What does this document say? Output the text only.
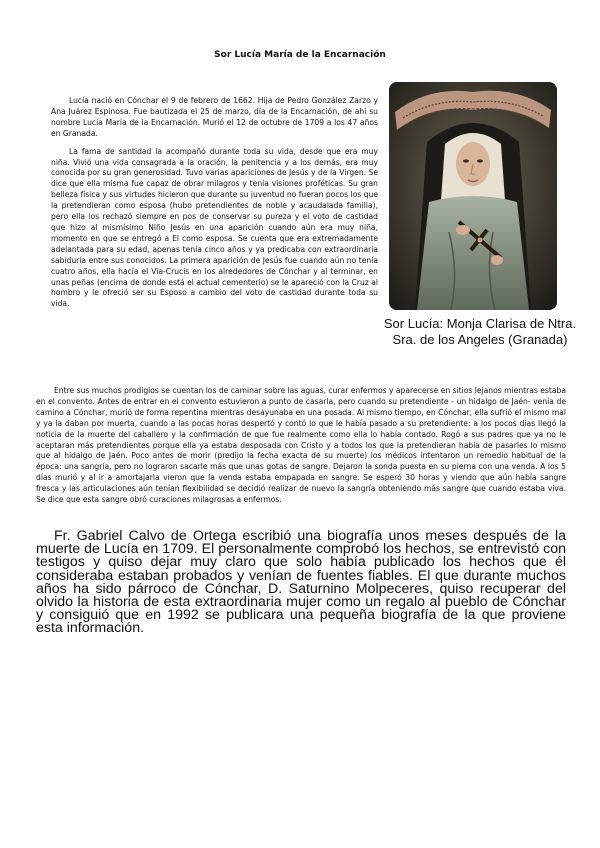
Sor Lucía María de la Encarnación

Lucía nació en Cónchar el 9 de febrero de 1662. Hija de Pedro González Zarzo y Ana Juárez Espinosa. Fue bautizada el 25 de marzo, día de la Encarnación, de ahí su nombre Lucía María de la Encarnación. Murió el 12 de octubre de 1709 a los 47 años en Granada.

La fama de santidad la acompañó durante toda su vida, desde que era muy niña. Vivió una vida consagrada a la oración, la penitencia y a los demás, era muy conocida por su gran generosidad. Tuvo varias apariciones de Jesús y de la Virgen. Se dice que ella misma fue capaz de obrar milagros y tenía visiones proféticas. Su gran belleza física y sus virtudes hicieron que durante su juventud no fueran pocos los que la pretendieran como esposa (hubo pretendientes de noble y acaudalada familia), pero ella los rechazó siempre en pos de conservar su pureza y el voto de castidad que hizo al mismísimo Niño Jesús en una aparición cuando aún era muy niña, momento en que se entregó a El como esposa. Se cuenta que era extremadamente adelantada para su edad, apenas tenía cinco años y ya predicaba con extraordinaria sabiduría entre sus conocidos. La primera aparición de Jesús fue cuando aún no tenía cuatro años, ella hacía el Via-Crucis en los alrededores de Cónchar y al terminar, en unas peñas (encima de donde está el actual cementerio) se le apareció con la Cruz al hombro y le ofreció ser su Esposo a cambio del voto de castidad durante toda su vida.

Sor Lucía: Monja Clarisa de Ntra. Sra. de los Angeles (Granada)

Entre sus muchos prodigios se cuentan los de caminar sobre las aguas, curar enfermos y aparecerse en sitios lejanos mientras estaba en el convento. Antes de entrar en el convento estuvieron a punto de casarla, pero cuando su pretendiente - un hidalgo de Jaén- venía de camino a Cónchar, murió de forma repentina mientras desayunaba en una posada. Al mismo tiempo, en Cónchar, ella sufrió el mismo mal y ya la daban por muerta, cuando a las pocas horas despertó y contó lo que le había pasado a su pretendiente: a los pocos días llegó la noticia de la muerte del caballero y la confirmación de que fue realmente como ella lo había contado. Rogó a sus padres que ya no le aceptaran más pretendientes porque ella ya estaba desposada con Cristo y a todos los que la pretendieran había de pasarles lo mismo que al hidalgo de Jaén. Poco antes de morir (predijo la fecha exacta de su muerte) los médicos intentaron un remedio habitual de la época: una sangría, pero no lograron sacarle más que unas gotas de sangre. Dejaron la sonda puesta en su pierna con una venda. A los 5 días murió y al ir a amortajarla vieron que la venda estaba empapada en sangre. Se esperó 30 horas y viendo que aún había sangre fresca y las articulaciones aún tenían flexibilidad se decidió realizar de nuevo la sangría obteniendo más sangre que cuando estaba viva. Se dice que esta sangre obró curaciones milagrosas a enfermos.

Fr. Gabriel Calvo de Ortega escribió una biografía unos meses después de la muerte de Lucía en 1709. El personalmente comprobó los hechos, se entrevistó con testigos y quiso dejar muy claro que solo había publicado los hechos que él consideraba estaban probados y venían de fuentes fiables. El que durante muchos años ha sido párroco de Cónchar, D. Saturnino Molpeceres, quiso recuperar del olvido la historia de esta extraordinaria mujer como un regalo al pueblo de Cónchar y consiguió que en 1992 se publicara una pequeña biografía de la que proviene esta información.
